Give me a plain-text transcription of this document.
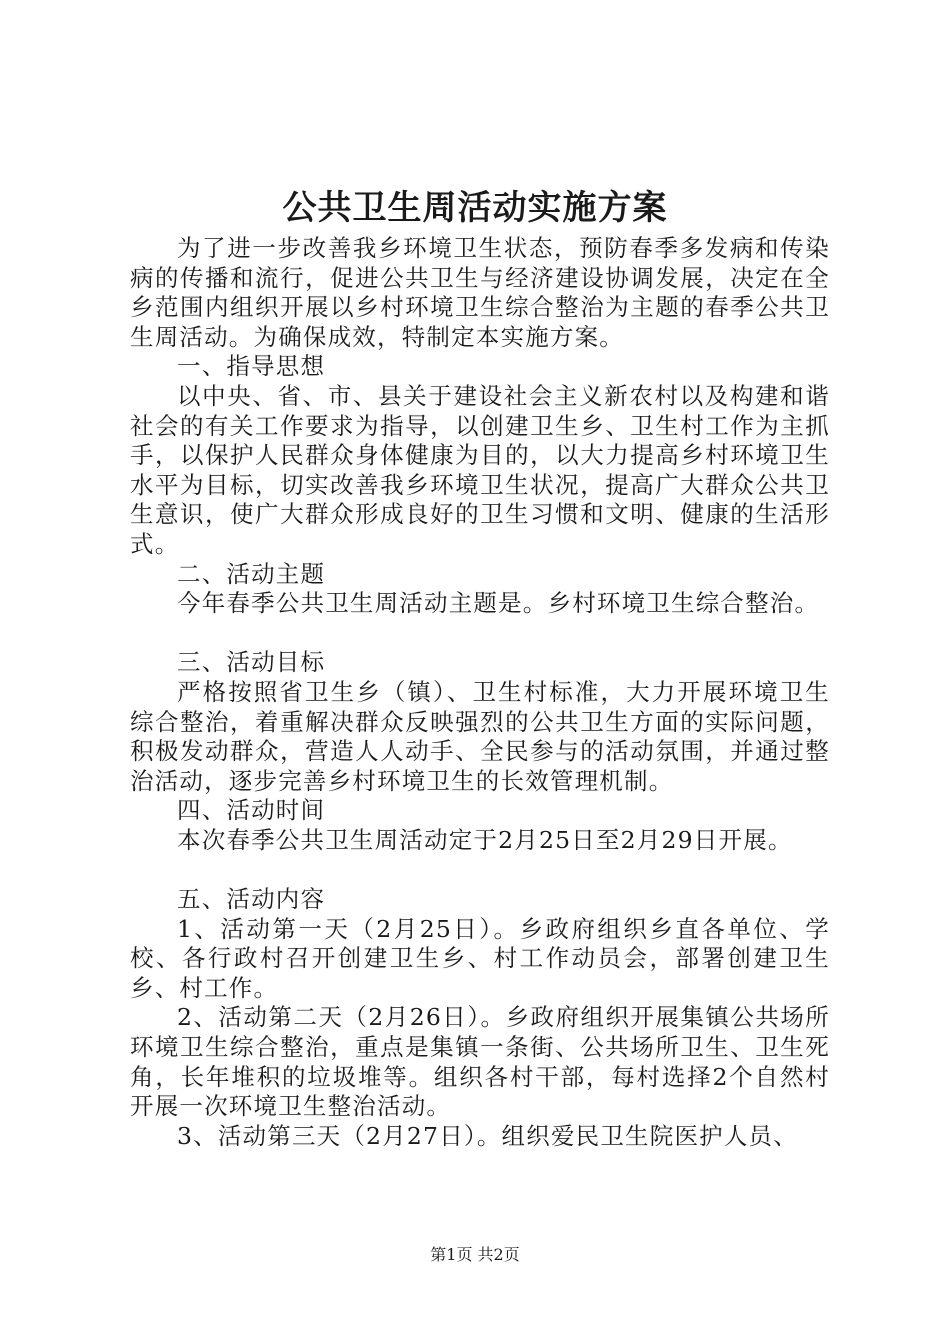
公共卫生周活动实施方案

为了进一步改善我乡环境卫生状态，预防春季多发病和传染病的传播和流行，促进公共卫生与经济建设协调发展，决定在全乡范围内组织开展以乡村环境卫生综合整治为主题的春季公共卫生周活动。为确保成效，特制定本实施方案。

一、指导思想

以中央、省、市、县关于建设社会主义新农村以及构建和谐社会的有关工作要求为指导，以创建卫生乡、卫生村工作为主抓手，以保护人民群众身体健康为目的，以大力提高乡村环境卫生水平为目标，切实改善我乡环境卫生状况，提高广大群众公共卫生意识，使广大群众形成良好的卫生习惯和文明、健康的生活形式。

二、活动主题

今年春季公共卫生周活动主题是。乡村环境卫生综合整治。

三、活动目标

严格按照省卫生乡（镇）、卫生村标准，大力开展环境卫生综合整治，着重解决群众反映强烈的公共卫生方面的实际问题，积极发动群众，营造人人动手、全民参与的活动氛围，并通过整治活动，逐步完善乡村环境卫生的长效管理机制。

四、活动时间

本次春季公共卫生周活动定于2月25日至2月29日开展。

五、活动内容

1、活动第一天（2月25日）。乡政府组织乡直各单位、学校、各行政村召开创建卫生乡、村工作动员会，部署创建卫生乡、村工作。

2、活动第二天（2月26日）。乡政府组织开展集镇公共场所环境卫生综合整治，重点是集镇一条街、公共场所卫生、卫生死角，长年堆积的垃圾堆等。组织各村干部，每村选择2个自然村开展一次环境卫生整治活动。

3、活动第三天（2月27日）。组织爱民卫生院医护人员、

第1页 共2页
